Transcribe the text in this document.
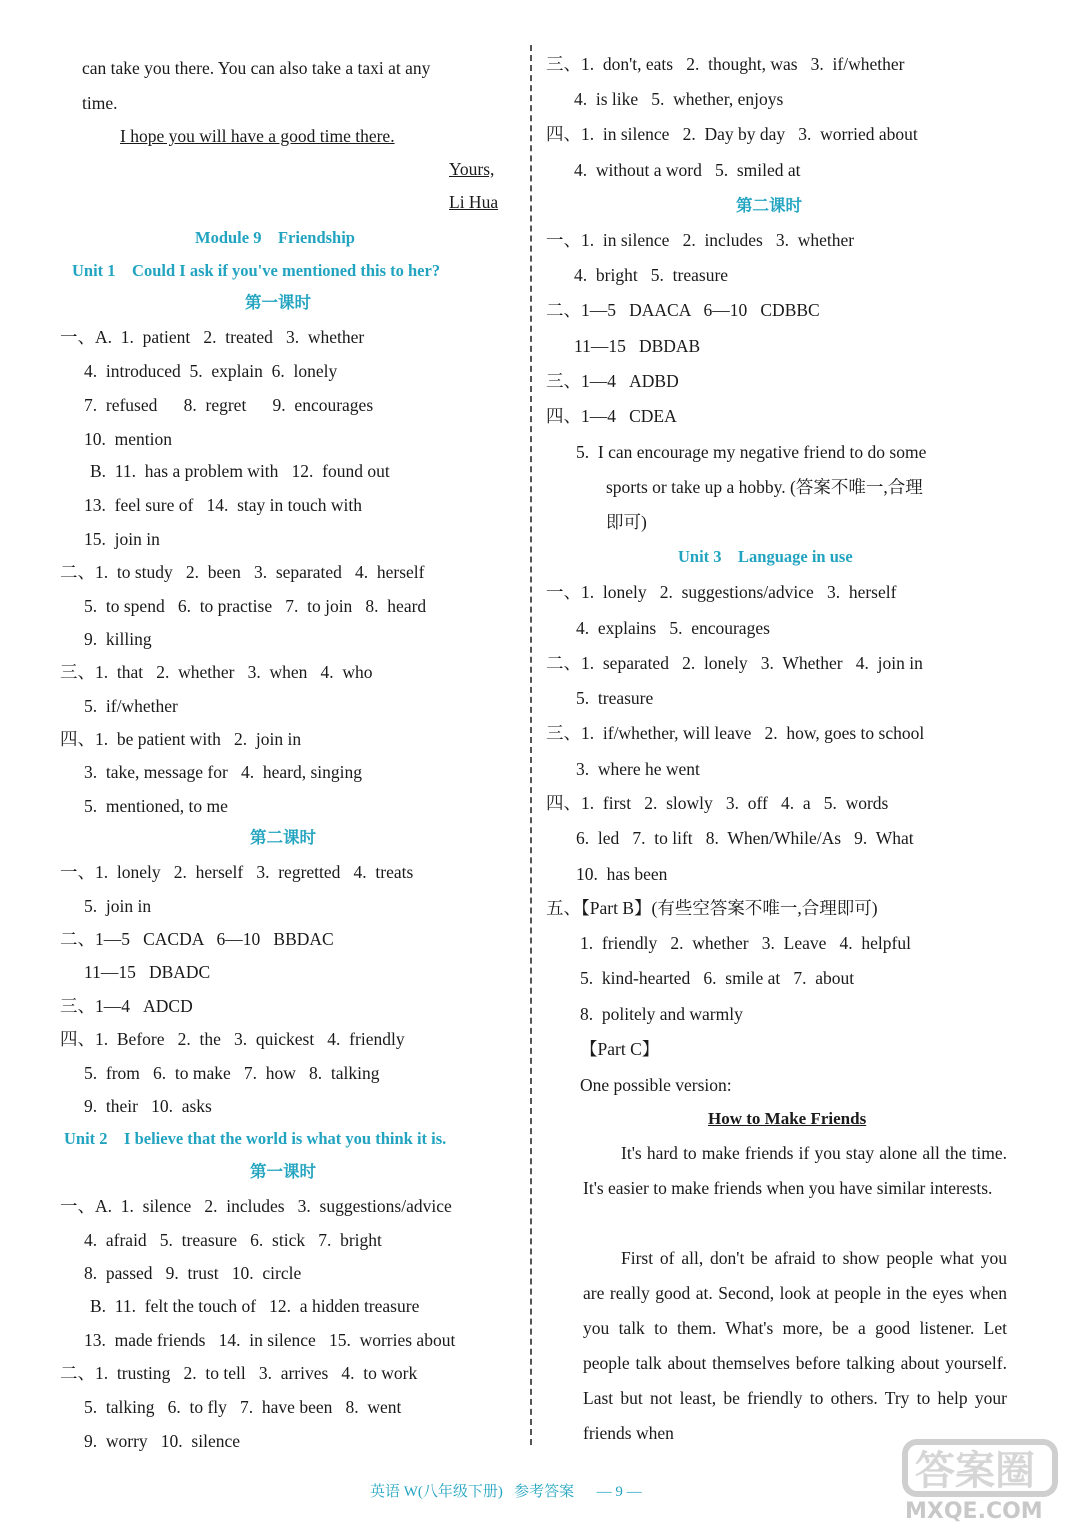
can take you there. You can also take a taxi at any
time.
I hope you will have a good time there.
Yours,
Li Hua
Module 9    Friendship
Unit 1    Could I ask if you've mentioned this to her?
第一课时
一、A.  1.  patient   2.  treated   3.  whether
4.  introduced  5.  explain  6.  lonely
7.  refused      8.  regret      9.  encourages
10.  mention
B.  11.  has a problem with   12.  found out
13.  feel sure of   14.  stay in touch with
15.  join in
二、1.  to study   2.  been   3.  separated   4.  herself
5.  to spend   6.  to practise   7.  to join   8.  heard
9.  killing
三、1.  that   2.  whether   3.  when   4.  who
5.  if/whether
四、1.  be patient with   2.  join in
3.  take, message for   4.  heard, singing
5.  mentioned, to me
第二课时
一、1.  lonely   2.  herself   3.  regretted   4.  treats
5.  join in
二、1—5   CACDA   6—10   BBDAC
11—15   DBADC
三、1—4   ADCD
四、1.  Before   2.  the   3.  quickest   4.  friendly
5.  from   6.  to make   7.  how   8.  talking
9.  their   10.  asks
Unit 2    I believe that the world is what you think it is.
第一课时
一、A.  1.  silence   2.  includes   3.  suggestions/advice
4.  afraid   5.  treasure   6.  stick   7.  bright
8.  passed   9.  trust   10.  circle
B.  11.  felt the touch of   12.  a hidden treasure
13.  made friends   14.  in silence   15.  worries about
二、1.  trusting   2.  to tell   3.  arrives   4.  to work
5.  talking   6.  to fly   7.  have been   8.  went
9.  worry   10.  silence
三、1.  don't, eats   2.  thought, was   3.  if/whether
4.  is like   5.  whether, enjoys
四、1.  in silence   2.  Day by day   3.  worried about
4.  without a word   5.  smiled at
第二课时
一、1.  in silence   2.  includes   3.  whether
4.  bright   5.  treasure
二、1—5   DAACA   6—10   CDBBC
11—15   DBDAB
三、1—4   ADBD
四、1—4   CDEA
5.  I can encourage my negative friend to do some
sports or take up a hobby. (答案不唯一,合理
即可)
Unit 3    Language in use
一、1.  lonely   2.  suggestions/advice   3.  herself
4.  explains   5.  encourages
二、1.  separated   2.  lonely   3.  Whether   4.  join in
5.  treasure
三、1.  if/whether, will leave   2.  how, goes to school
3.  where he went
四、1.  first   2.  slowly   3.  off   4.  a   5.  words
6.  led   7.  to lift   8.  When/While/As   9.  What
10.  has been
五、【Part B】(有些空答案不唯一,合理即可)
1.  friendly   2.  whether   3.  Leave   4.  helpful
5.  kind-hearted   6.  smile at   7.  about
8.  politely and warmly
【Part C】
One possible version:
How to Make Friends
It's hard to make friends if you stay alone all the time. It's easier to make friends when you have similar interests.
First of all, don't be afraid to show people what you are really good at. Second, look at people in the eyes when you talk to them. What's more, be a good listener. Let people talk about themselves before talking about yourself. Last but not least, be friendly to others. Try to help your friends when
英语 W(八年级下册)   参考答案      — 9 —	答案圈
MXQE.COM
